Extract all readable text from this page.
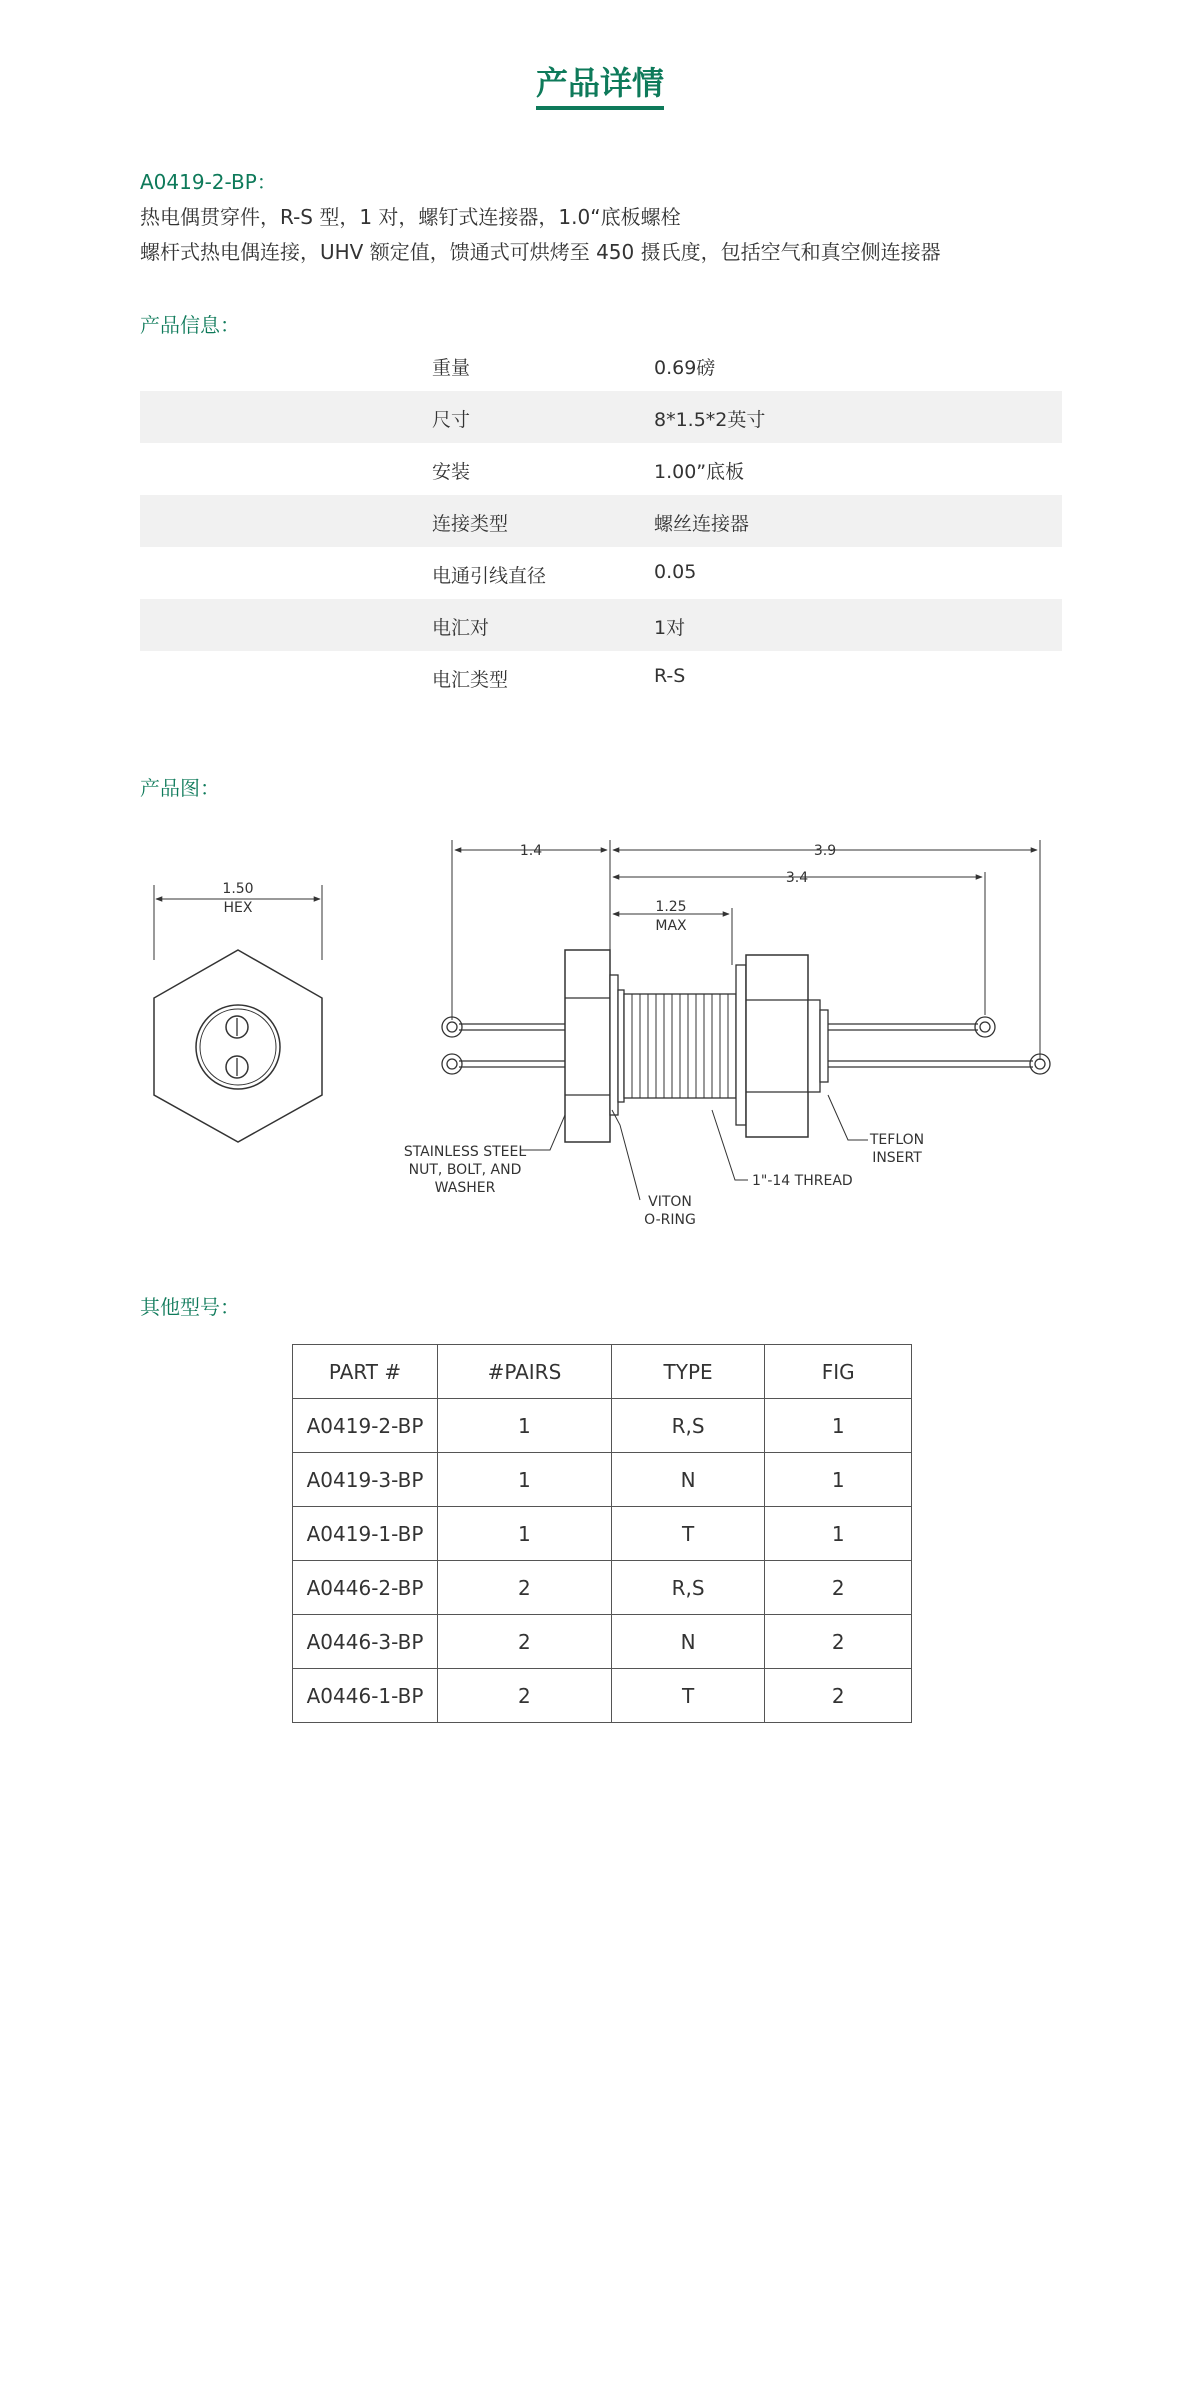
产品详情
A0419-2-BP：
热电偶贯穿件，R-S 型，1 对，螺钉式连接器，1.0“底板螺栓
螺杆式热电偶连接，UHV 额定值，馈通式可烘烤至 450 摄氏度，包括空气和真空侧连接器
产品信息：
重量	0.69磅
尺寸	8*1.5*2英寸
安装	1.00”底板
连接类型	螺丝连接器
电通引线直径	0.05
电汇对	1对
电汇类型	R-S
产品图：
1.50
HEX
1.4	3.9
3.4
1.25
MAX
STAINLESS STEEL
NUT, BOLT, AND
WASHER
VITON
O-RING
1"-14 THREAD
TEFLON
INSERT
其他型号：
PART #	#PAIRS	TYPE	FIG
A0419-2-BP	1	R,S	1
A0419-3-BP	1	N	1
A0419-1-BP	1	T	1
A0446-2-BP	2	R,S	2
A0446-3-BP	2	N	2
A0446-1-BP	2	T	2
